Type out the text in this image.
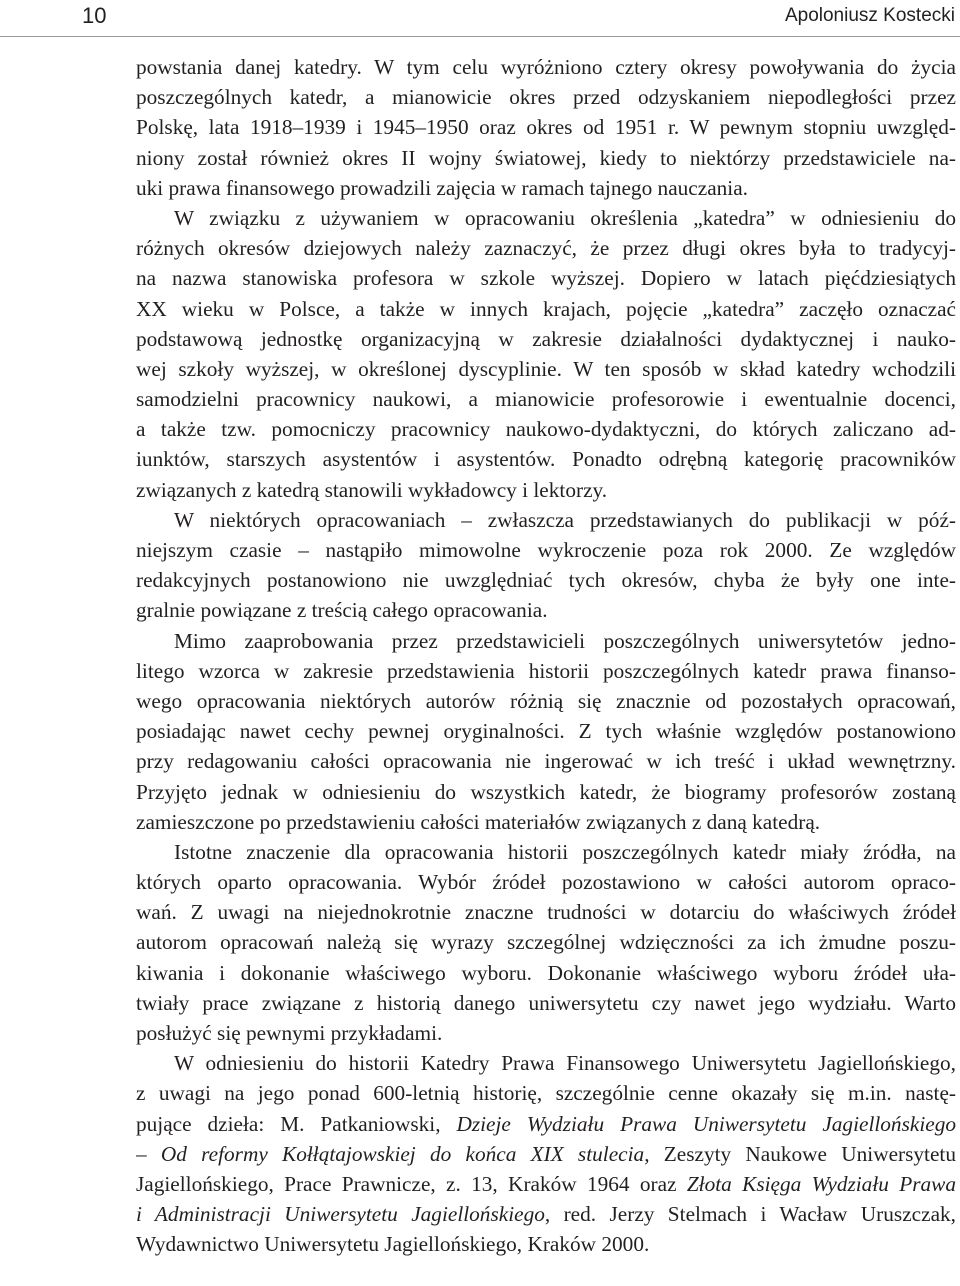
10	Apoloniusz Kostecki
powstania danej katedry. W tym celu wyróżniono cztery okresy powoływania do życia
poszczególnych katedr, a mianowicie okres przed odzyskaniem niepodległości przez
Polskę, lata 1918–1939 i 1945–1950 oraz okres od 1951 r. W pewnym stopniu uwzględ-
niony został również okres II wojny światowej, kiedy to niektórzy przedstawiciele na-
uki prawa finansowego prowadzili zajęcia w ramach tajnego nauczania.
W związku z używaniem w opracowaniu określenia „katedra” w odniesieniu do
różnych okresów dziejowych należy zaznaczyć, że przez długi okres była to tradycyj-
na nazwa stanowiska profesora w szkole wyższej. Dopiero w latach pięćdziesiątych
XX wieku w Polsce, a także w innych krajach, pojęcie „katedra” zaczęło oznaczać
podstawową jednostkę organizacyjną w zakresie działalności dydaktycznej i nauko-
wej szkoły wyższej, w określonej dyscyplinie. W ten sposób w skład katedry wchodzili
samodzielni pracownicy naukowi, a mianowicie profesorowie i ewentualnie docenci,
a także tzw. pomocniczy pracownicy naukowo-dydaktyczni, do których zaliczano ad-
iunktów, starszych asystentów i asystentów. Ponadto odrębną kategorię pracowników
związanych z katedrą stanowili wykładowcy i lektorzy.
W niektórych opracowaniach – zwłaszcza przedstawianych do publikacji w póź-
niejszym czasie – nastąpiło mimowolne wykroczenie poza rok 2000. Ze względów
redakcyjnych postanowiono nie uwzględniać tych okresów, chyba że były one inte-
gralnie powiązane z treścią całego opracowania.
Mimo zaaprobowania przez przedstawicieli poszczególnych uniwersytetów jedno-
litego wzorca w zakresie przedstawienia historii poszczególnych katedr prawa finanso-
wego opracowania niektórych autorów różnią się znacznie od pozostałych opracowań,
posiadając nawet cechy pewnej oryginalności. Z tych właśnie względów postanowiono
przy redagowaniu całości opracowania nie ingerować w ich treść i układ wewnętrzny.
Przyjęto jednak w odniesieniu do wszystkich katedr, że biogramy profesorów zostaną
zamieszczone po przedstawieniu całości materiałów związanych z daną katedrą.
Istotne znaczenie dla opracowania historii poszczególnych katedr miały źródła, na
których oparto opracowania. Wybór źródeł pozostawiono w całości autorom opraco-
wań. Z uwagi na niejednokrotnie znaczne trudności w dotarciu do właściwych źródeł
autorom opracowań należą się wyrazy szczególnej wdzięczności za ich żmudne poszu-
kiwania i dokonanie właściwego wyboru. Dokonanie właściwego wyboru źródeł uła-
twiały prace związane z historią danego uniwersytetu czy nawet jego wydziału. Warto
posłużyć się pewnymi przykładami.
W odniesieniu do historii Katedry Prawa Finansowego Uniwersytetu Jagiellońskiego,
z uwagi na jego ponad 600-letnią historię, szczególnie cenne okazały się m.in. nastę-
pujące dzieła: M. Patkaniowski, Dzieje Wydziału Prawa Uniwersytetu Jagiellońskiego
– Od reformy Kołłątajowskiej do końca XIX stulecia, Zeszyty Naukowe Uniwersytetu
Jagiellońskiego, Prace Prawnicze, z. 13, Kraków 1964 oraz Złota Księga Wydziału Prawa
i Administracji Uniwersytetu Jagiellońskiego, red. Jerzy Stelmach i Wacław Uruszczak,
Wydawnictwo Uniwersytetu Jagiellońskiego, Kraków 2000.
